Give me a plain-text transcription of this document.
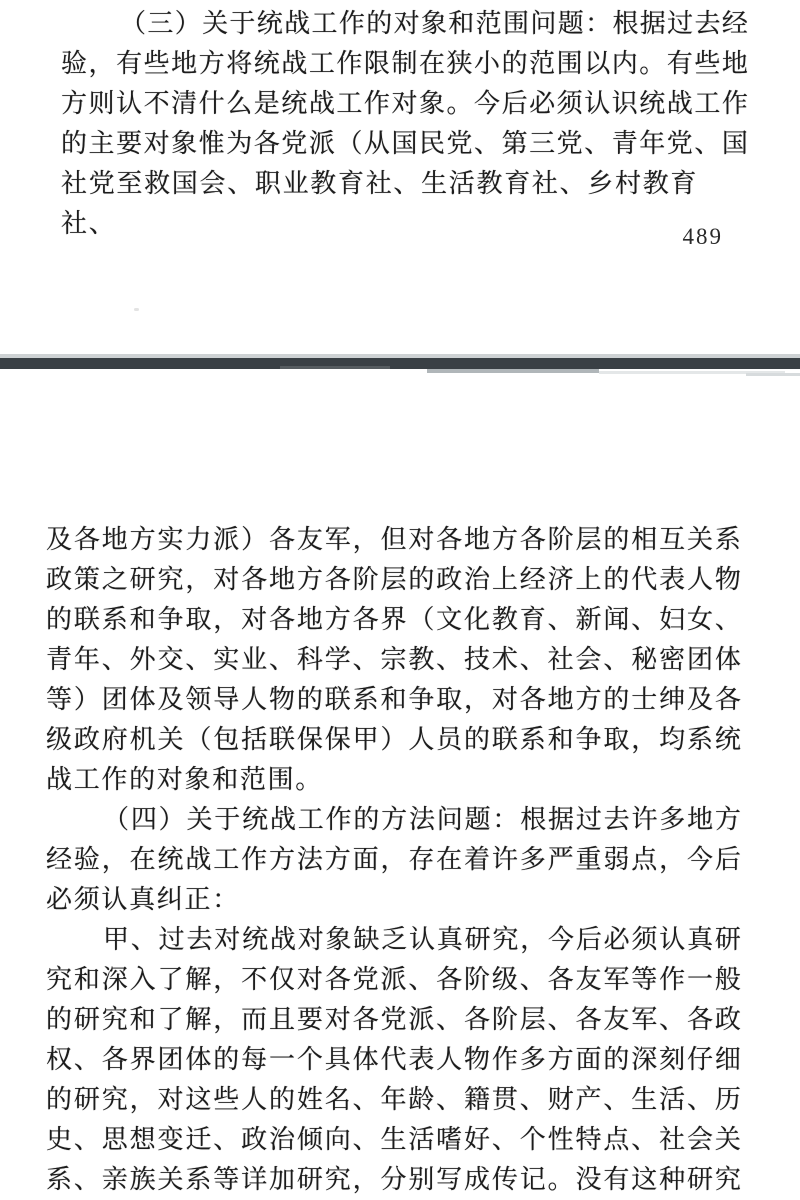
（三）关于统战工作的对象和范围问题：根据过去经
验，有些地方将统战工作限制在狭小的范围以内。有些地
方则认不清什么是统战工作对象。今后必须认识统战工作
的主要对象惟为各党派（从国民党、第三党、青年党、国
社党至救国会、职业教育社、生活教育社、乡村教育社、	489
及各地方实力派）各友军，但对各地方各阶层的相互关系
政策之研究，对各地方各阶层的政治上经济上的代表人物
的联系和争取，对各地方各界（文化教育、新闻、妇女、
青年、外交、实业、科学、宗教、技术、社会、秘密团体
等）团体及领导人物的联系和争取，对各地方的士绅及各
级政府机关（包括联保保甲）人员的联系和争取，均系统
战工作的对象和范围。
（四）关于统战工作的方法问题：根据过去许多地方
经验，在统战工作方法方面，存在着许多严重弱点，今后
必须认真纠正：
甲、过去对统战对象缺乏认真研究，今后必须认真研
究和深入了解，不仅对各党派、各阶级、各友军等作一般
的研究和了解，而且要对各党派、各阶层、各友军、各政
权、各界团体的每一个具体代表人物作多方面的深刻仔细
的研究，对这些人的姓名、年龄、籍贯、财产、生活、历
史、思想变迁、政治倾向、生活嗜好、个性特点、社会关
系、亲族关系等详加研究，分别写成传记。没有这种研究
